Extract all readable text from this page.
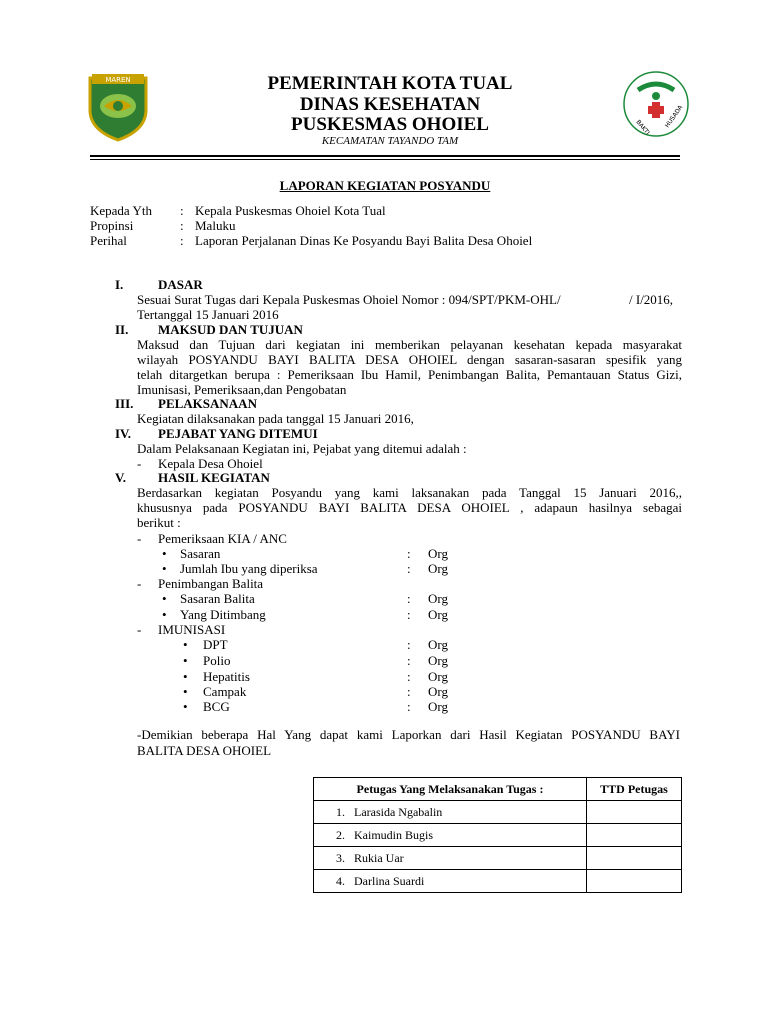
MAREN
BAKTI HUSADA
PEMERINTAH KOTA TUAL
DINAS KESEHATAN
PUSKESMAS OHOIEL
KECAMATAN TAYANDO TAM
LAPORAN KEGIATAN POSYANDU
Kepada Yth : Kepala Puskesmas Ohoiel Kota Tual
Propinsi	: Maluku
Perihal	: Laporan Perjalanan Dinas Ke Posyandu Bayi Balita Desa Ohoiel
I.	DASAR
Sesuai Surat Tugas dari Kepala Puskesmas Ohoiel Nomor : 094/SPT/PKM-OHL/	/ I/2016,
Tertanggal 15 Januari 2016
II. MAKSUD DAN TUJUAN
Maksud dan Tujuan dari kegiatan ini memberikan pelayanan kesehatan kepada masyarakat
wilayah POSYANDU BAYI BALITA DESA OHOIEL dengan sasaran-sasaran spesifik yang
telah ditargetkan berupa : Pemeriksaan Ibu Hamil, Penimbangan Balita, Pemantauan Status Gizi,
Imunisasi, Pemeriksaan,dan Pengobatan
III. PELAKSANAAN
Kegiatan dilaksanakan pada tanggal 15 Januari 2016,
IV. PEJABAT YANG DITEMUI
Dalam Pelaksanaan Kegiatan ini, Pejabat yang ditemui adalah :
- Kepala Desa Ohoiel
V. HASIL KEGIATAN
Berdasarkan kegiatan Posyandu yang kami laksanakan pada Tanggal 15 Januari 2016,,
khususnya pada POSYANDU BAYI BALITA DESA OHOIEL , adapaun hasilnya sebagai
berikut :
- Pemeriksaan KIA / ANC
• Sasaran	: Org
• Jumlah Ibu yang diperiksa	: Org
- Penimbangan Balita
• Sasaran Balita	: Org
• Yang Ditimbang	: Org
- IMUNISASI
• DPT	: Org
• Polio	: Org
• Hepatitis	: Org
• Campak	: Org
• BCG	: Org
-Demikian beberapa Hal Yang dapat kami Laporkan dari Hasil Kegiatan POSYANDU BAYI
BALITA DESA OHOIEL
Petugas Yang Melaksanakan Tugas :	TTD Petugas
1. Larasida Ngabalin	
2. Kaimudin Bugis	
3. Rukia Uar	
4. Darlina Suardi	
